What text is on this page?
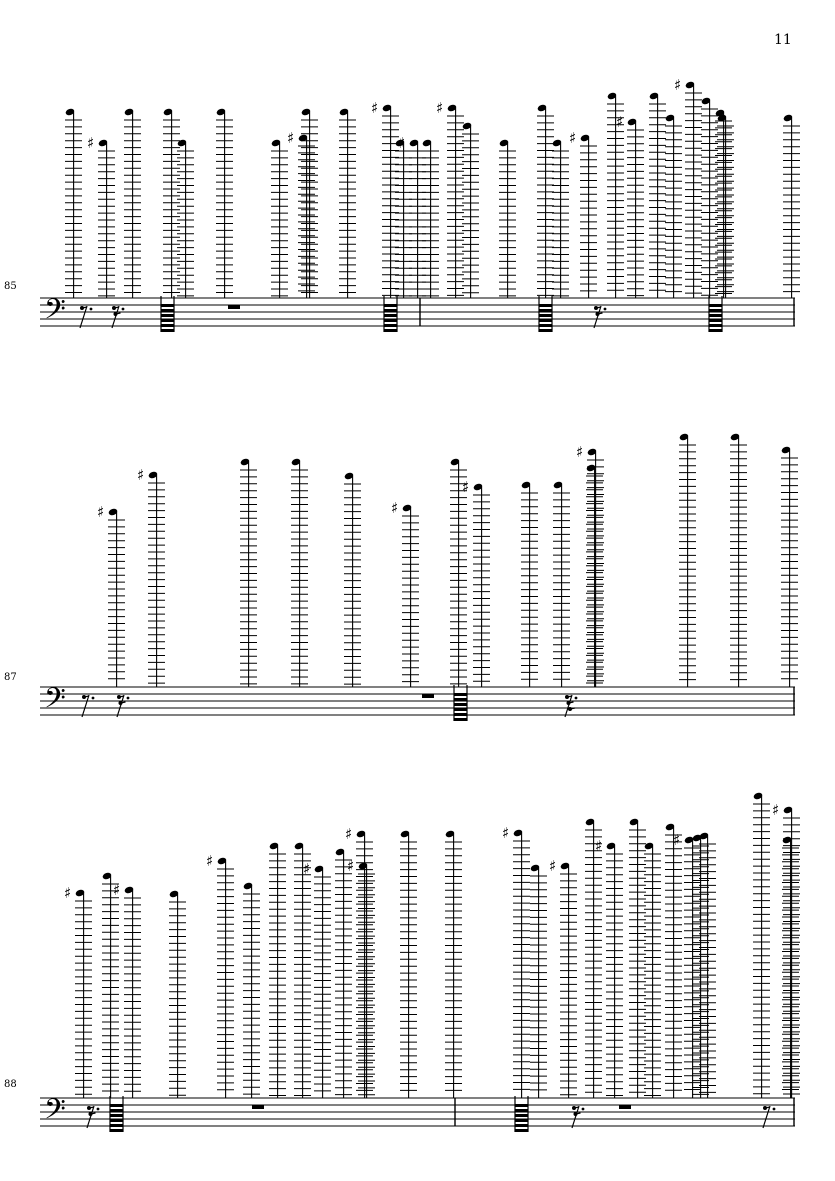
11
85
𝄢
♯	♯
♯
♯
♯
♯
♯
♯
87
𝄢
♯
♯
♯
♯
♯
88
𝄢
♯	♯
♯	♯
♯
♯
♯
♯
♯	♯
♯
